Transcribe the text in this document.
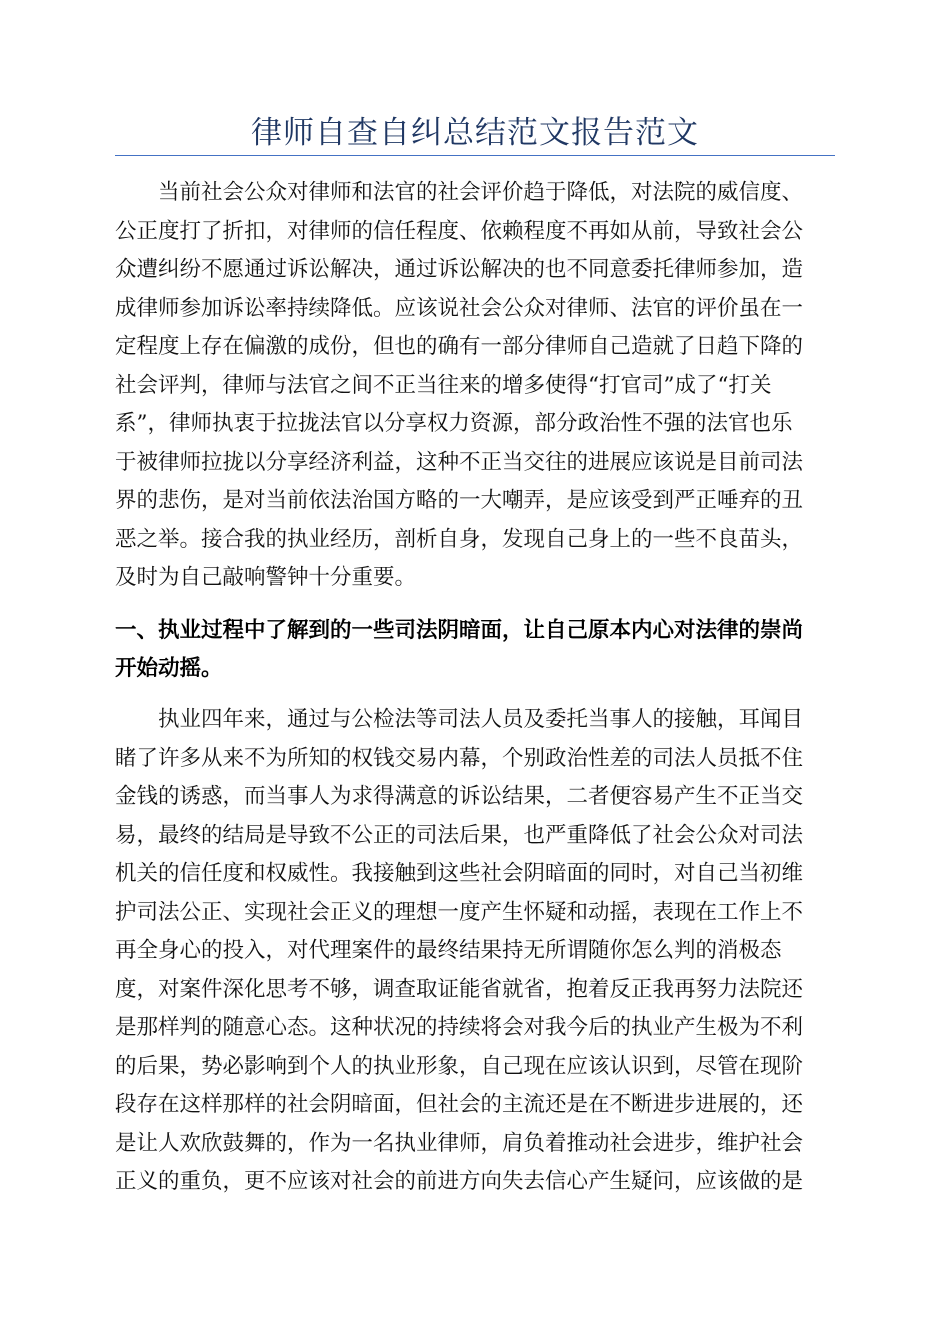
律师自查自纠总结范文报告范文
　　当前社会公众对律师和法官的社会评价趋于降低，对法院的威信度、
公正度打了折扣，对律师的信任程度、依赖程度不再如从前，导致社会公
众遭纠纷不愿通过诉讼解决，通过诉讼解决的也不同意委托律师参加，造
成律师参加诉讼率持续降低。应该说社会公众对律师、法官的评价虽在一
定程度上存在偏激的成份，但也的确有一部分律师自己造就了日趋下降的
社会评判，律师与法官之间不正当往来的增多使得“打官司”成了“打关
系”，律师执衷于拉拢法官以分享权力资源，部分政治性不强的法官也乐
于被律师拉拢以分享经济利益，这种不正当交往的进展应该说是目前司法
界的悲伤，是对当前依法治国方略的一大嘲弄，是应该受到严正唾弃的丑
恶之举。接合我的执业经历，剖析自身，发现自己身上的一些不良苗头，
及时为自己敲响警钟十分重要。
一、执业过程中了解到的一些司法阴暗面，让自己原本内心对法律的崇尚
开始动摇。
　　执业四年来，通过与公检法等司法人员及委托当事人的接触，耳闻目
睹了许多从来不为所知的权钱交易内幕，个别政治性差的司法人员抵不住
金钱的诱惑，而当事人为求得满意的诉讼结果，二者便容易产生不正当交
易，最终的结局是导致不公正的司法后果，也严重降低了社会公众对司法
机关的信任度和权威性。我接触到这些社会阴暗面的同时，对自己当初维
护司法公正、实现社会正义的理想一度产生怀疑和动摇，表现在工作上不
再全身心的投入，对代理案件的最终结果持无所谓随你怎么判的消极态
度，对案件深化思考不够，调查取证能省就省，抱着反正我再努力法院还
是那样判的随意心态。这种状况的持续将会对我今后的执业产生极为不利
的后果，势必影响到个人的执业形象，自己现在应该认识到，尽管在现阶
段存在这样那样的社会阴暗面，但社会的主流还是在不断进步进展的，还
是让人欢欣鼓舞的，作为一名执业律师，肩负着推动社会进步，维护社会
正义的重负，更不应该对社会的前进方向失去信心产生疑问，应该做的是
